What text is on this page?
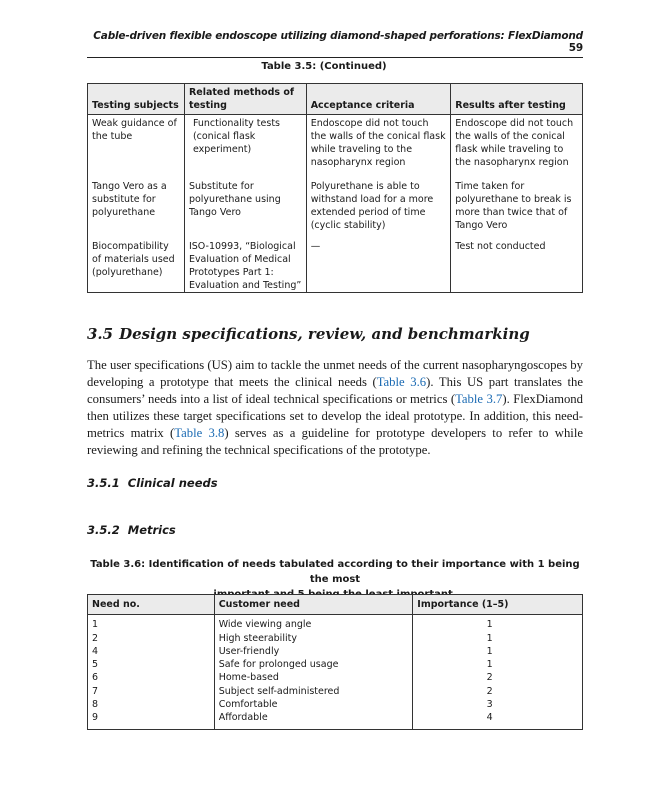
Cable-driven flexible endoscope utilizing diamond-shaped perforations: FlexDiamond 59
Table 3.5: (Continued)
Testing subjects	Related methods of testing	Acceptance criteria	Results after testing
Weak guidance of the tube	Functionality tests (conical flask experiment)	Endoscope did not touch the walls of the conical flask while traveling to the nasopharynx region	Endoscope did not touch the walls of the conical flask while traveling to the nasopharynx region
Tango Vero as a substitute for polyurethane	Substitute for polyurethane using Tango Vero	Polyurethane is able to withstand load for a more extended period of time (cyclic stability)	Time taken for polyurethane to break is more than twice that of Tango Vero
Biocompatibility of materials used (polyurethane)	ISO-10993, “Biological Evaluation of Medical Prototypes Part 1: Evaluation and Testing”	—	Test not conducted
3.5 Design specifications, review, and benchmarking
The user specifications (US) aim to tackle the unmet needs of the current nasopharyngoscopes by developing a prototype that meets the clinical needs (Table 3.6). This US part translates the consumers’ needs into a list of ideal technical specifications or metrics (Table 3.7). FlexDiamond then utilizes these target specifications set to develop the ideal prototype. In addition, this need-metrics matrix (Table 3.8) serves as a guideline for prototype developers to refer to while reviewing and refining the technical specifications of the prototype.
3.5.1 Clinical needs
3.5.2 Metrics
Table 3.6: Identification of needs tabulated according to their importance with 1 being the most
Need no.	Customer need	Importance (1–5)
1	Wide viewing angle	1
2	High steerability	1
4	User-friendly	1
5	Safe for prolonged usage	1
6	Home-based	2
7	Subject self-administered	2
8	Comfortable	3
9	Affordable	4
